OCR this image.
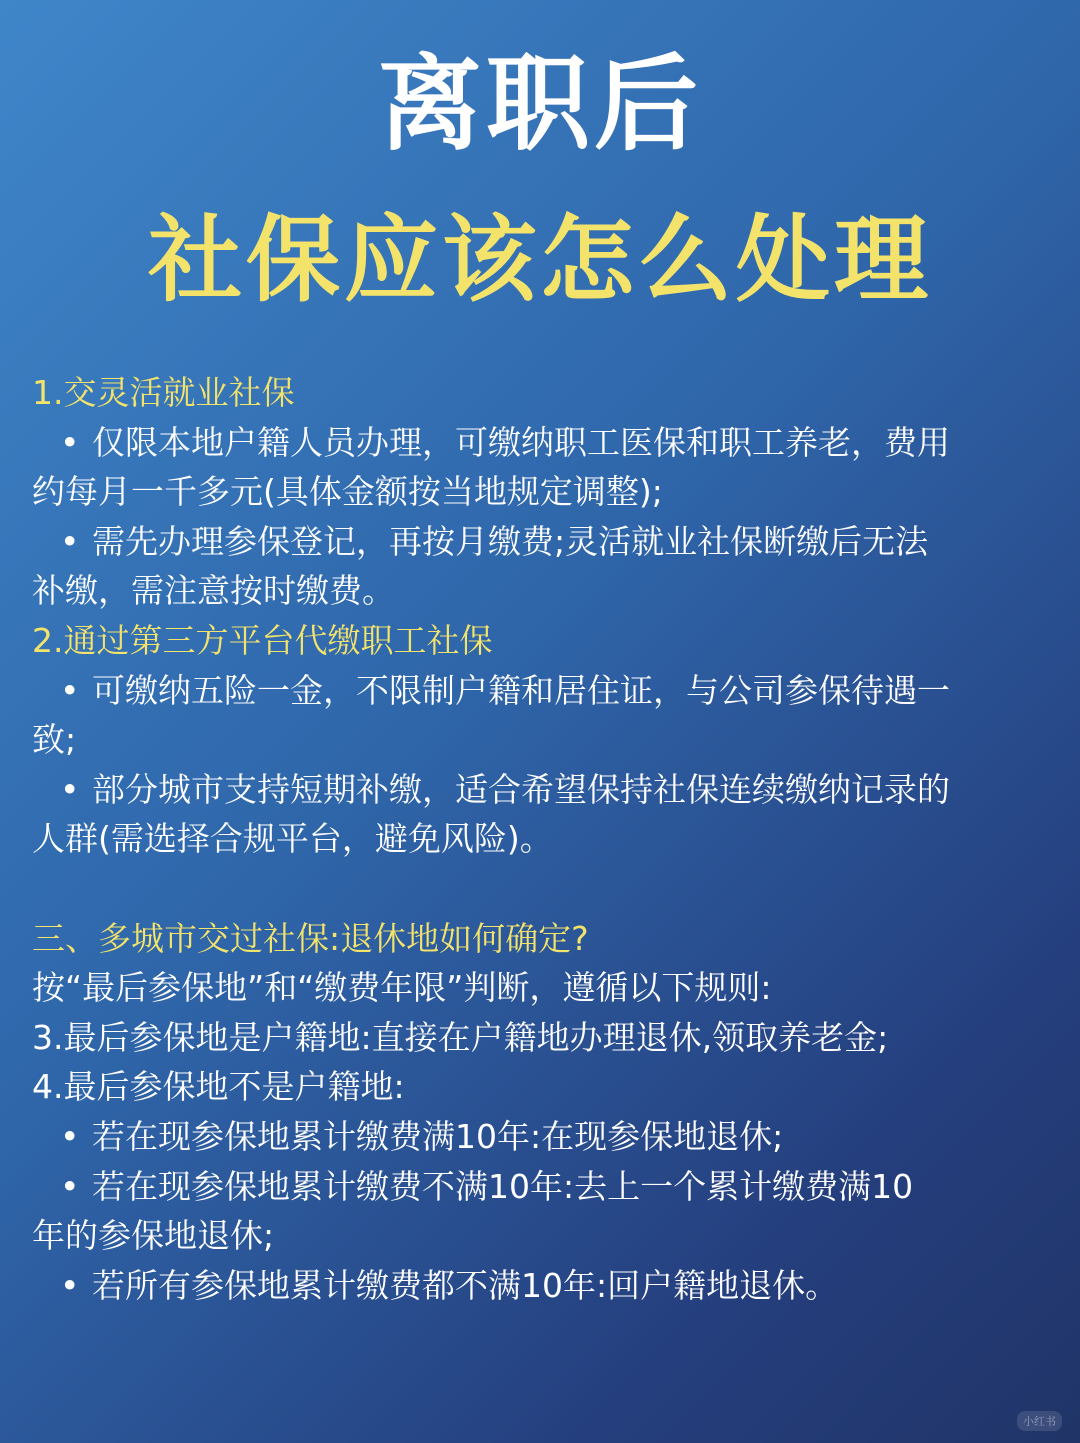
离职后
社保应该怎么处理
1.交灵活就业社保
• 仅限本地户籍人员办理，可缴纳职工医保和职工养老，费用
约每月一千多元(具体金额按当地规定调整);
• 需先办理参保登记，再按月缴费;灵活就业社保断缴后无法
补缴，需注意按时缴费。
2.通过第三方平台代缴职工社保
• 可缴纳五险一金，不限制户籍和居住证，与公司参保待遇一
致;
• 部分城市支持短期补缴，适合希望保持社保连续缴纳记录的
人群(需选择合规平台，避免风险)。
三、多城市交过社保:退休地如何确定?
按“最后参保地”和“缴费年限”判断，遵循以下规则:
3.最后参保地是户籍地:直接在户籍地办理退休,领取养老金;
4.最后参保地不是户籍地:
• 若在现参保地累计缴费满10年:在现参保地退休;
• 若在现参保地累计缴费不满10年:去上一个累计缴费满10
年的参保地退休;
• 若所有参保地累计缴费都不满10年:回户籍地退休。
小红书
